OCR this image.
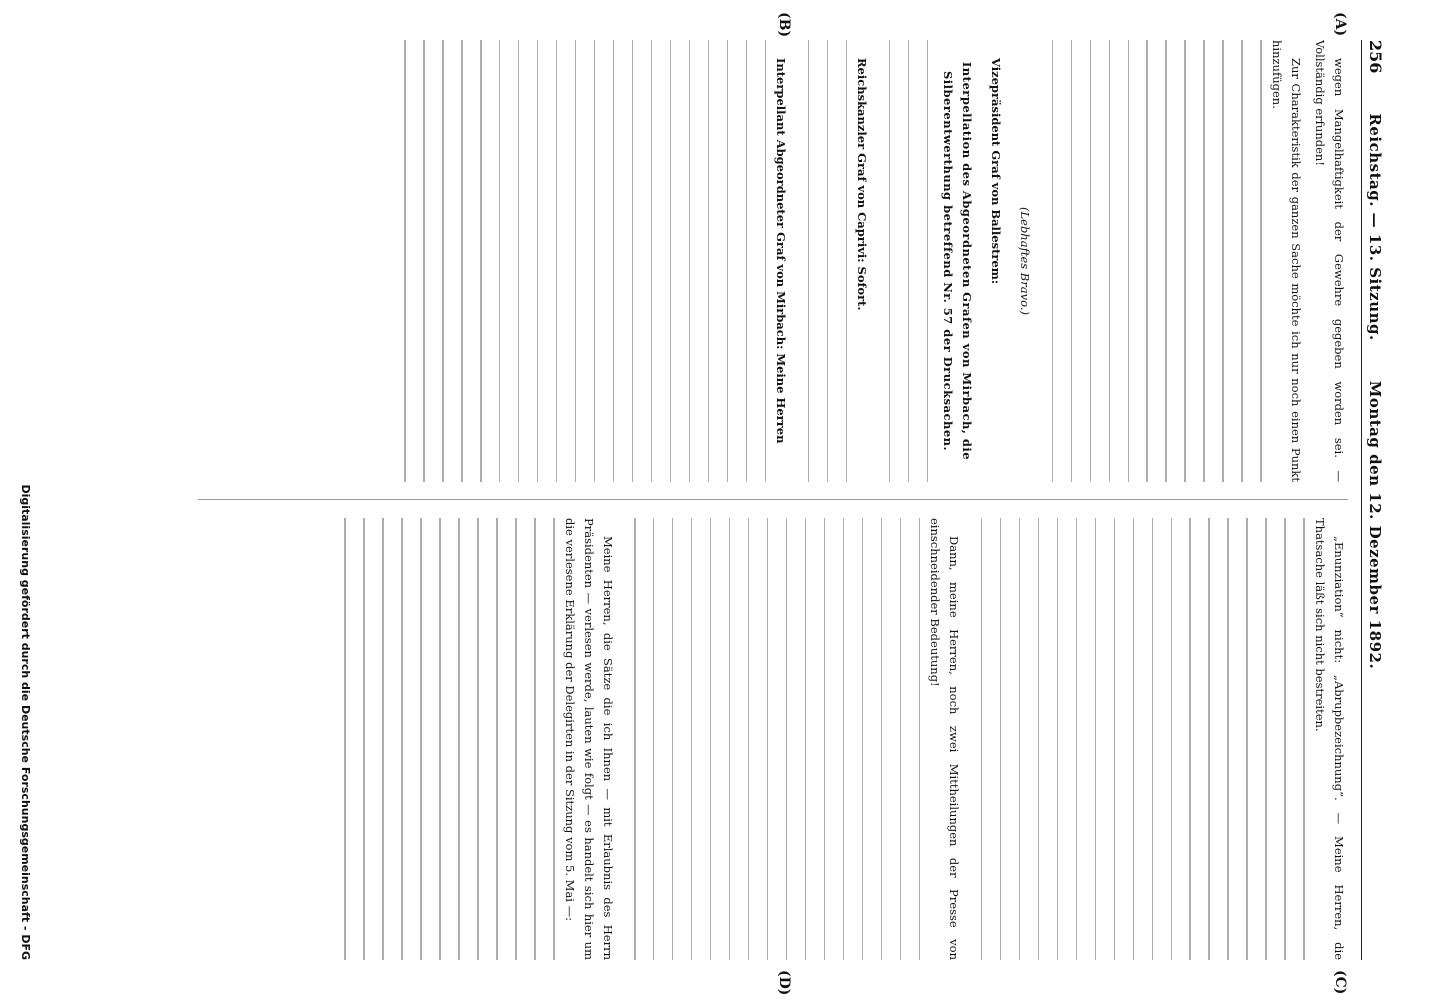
256
Reichstag. — 13. Sitzung.
Montag den 12. Dezember 1892.
(A)
(B)
(C)
(D)

wegen Mangelhaftigkeit der Gewehre gegeben worden sei. — Vollständig erfunden!

Zur Charakteristik der ganzen Sache möchte ich nur noch einen Punkt hinzufügen.

(Lebhaftes Bravo.)

Vizepräsident Graf von Ballestrem:

Interpellation des Abgeordneten Grafen von Mirbach, die Silberentwerthung betreffend Nr. 57 der Drucksachen.

Reichskanzler Graf von Caprivi: Sofort.

Interpellant Abgeordneter Graf von Mirbach: Meine Herren

„Enunziation“ nicht: „Abrupbezeichnung“. — Meine Herren, die Thatsache läßt sich nicht bestreiten.

Dann, meine Herren, noch zwei Mittheilungen der Presse von einschneidender Bedeutung!

Meine Herren, die Sätze die ich Ihnen — mit Erlaubnis des Herrn Präsidenten — verlesen werde, lauten wie folgt — es handelt sich hier um die verlesene Erklärung der Delegirten in der Sitzung vom 5. Mai —:

Digitalisierung gefördert durch die Deutsche Forschungsgemeinschaft - DFG
